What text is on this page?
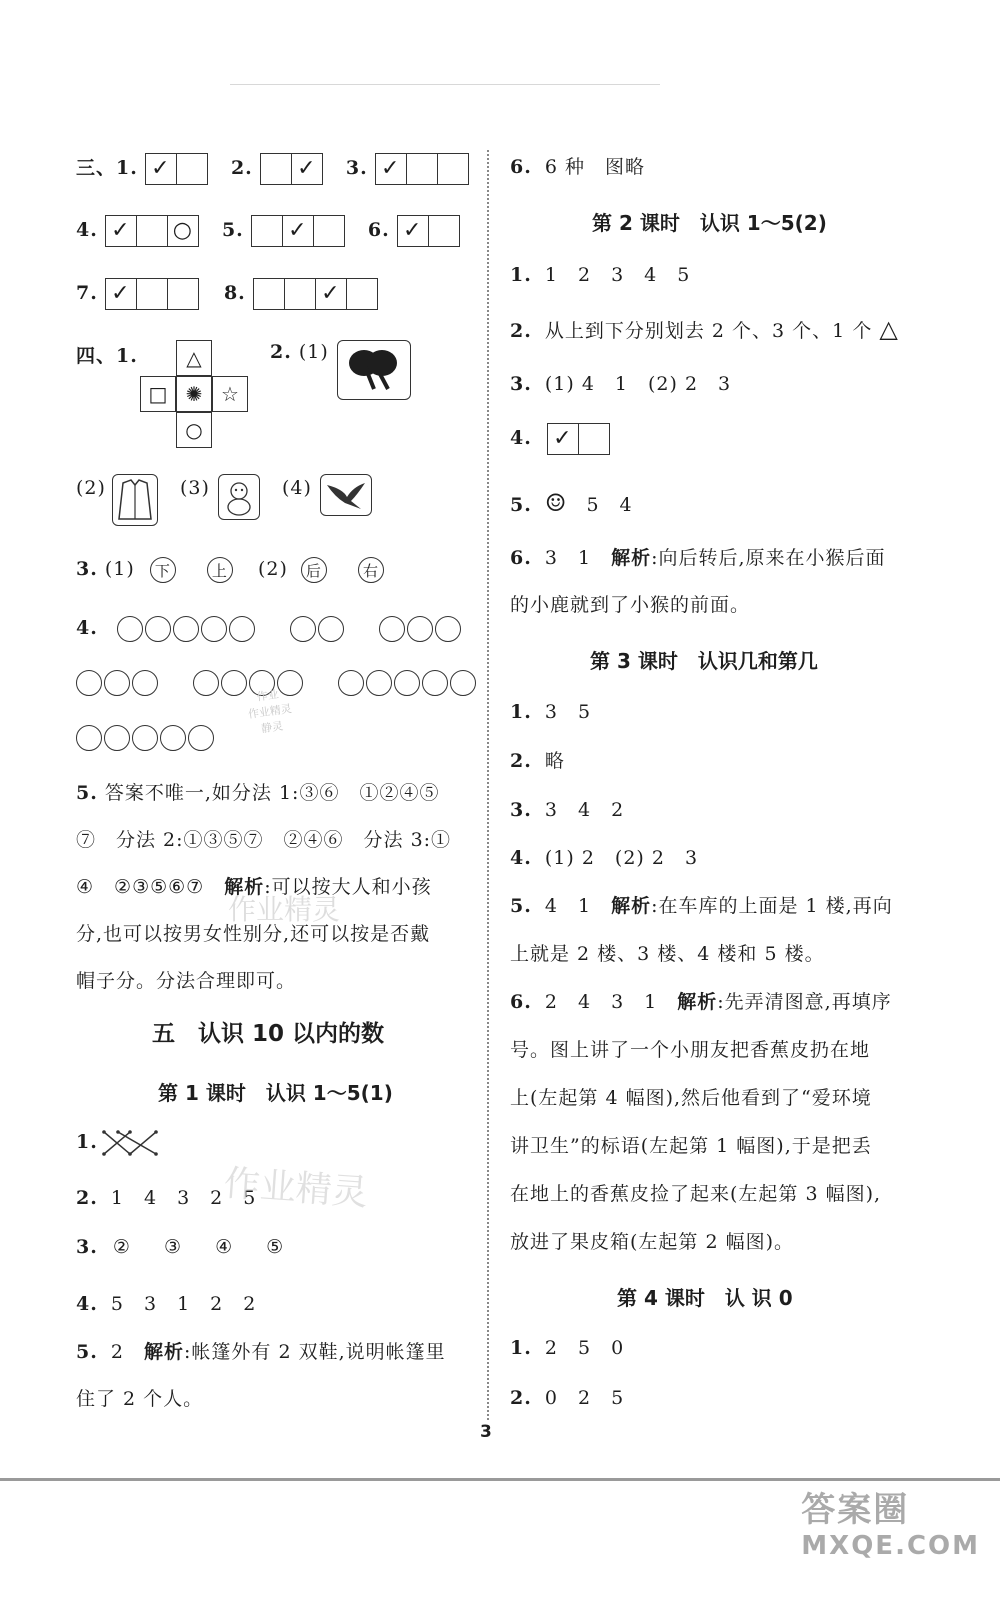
三、1. ✓	2. ✓ 3. ✓
4. ✓ ○ 5. ✓	6. ✓
7. ✓	8.	✓
四、1.	△
□ ✺ ☆
○
2. (1)
(2)	(3)	(4)
3. (1) 下	上 (2) 后	右
4.

5. 答案不唯一,如分法 1:③⑥　①②④⑤
⑦　分法 2:①③⑤⑦　②④⑥　分法 3:①
④　②③⑤⑥⑦　解析:可以按大人和小孩
分,也可以按男女性别分,还可以按是否戴
帽子分。分法合理即可。
五　认识 10 以内的数
第 1 课时　认识 1～5(1)
1.
2. 1　4　3　2　5
3. ② ③ ④ ⑤
4. 5　3　1　2　2
5. 2　解析:帐篷外有 2 双鞋,说明帐篷里
住了 2 个人。
6. 6 种　图略
第 2 课时　认识 1～5(2)
1. 1　2　3　4　5
2. 从上到下分别划去 2 个、3 个、1 个 △
3. (1) 4　1　(2) 2　3
4. ✓
5. ☺ 5　4
6. 3　1　解析:向后转后,原来在小猴后面
的小鹿就到了小猴的前面。
第 3 课时　认识几和第几
1. 3　5
2. 略
3. 3　4　2
4. (1) 2　(2) 2　3
5. 4　1　解析:在车库的上面是 1 楼,再向
上就是 2 楼、3 楼、4 楼和 5 楼。
6. 2　4　3　1　解析:先弄清图意,再填序
号。图上讲了一个小朋友把香蕉皮扔在地
上(左起第 4 幅图),然后他看到了“爱环境
讲卫生”的标语(左起第 1 幅图),于是把丢
在地上的香蕉皮捡了起来(左起第 3 幅图),
放进了果皮箱(左起第 2 幅图)。
第 4 课时　认 识 0
1. 2　5　0
2. 0　2　5
作业
作业精灵
静灵
作业精灵
作业精灵
3
答案圈
MXQE.COM
